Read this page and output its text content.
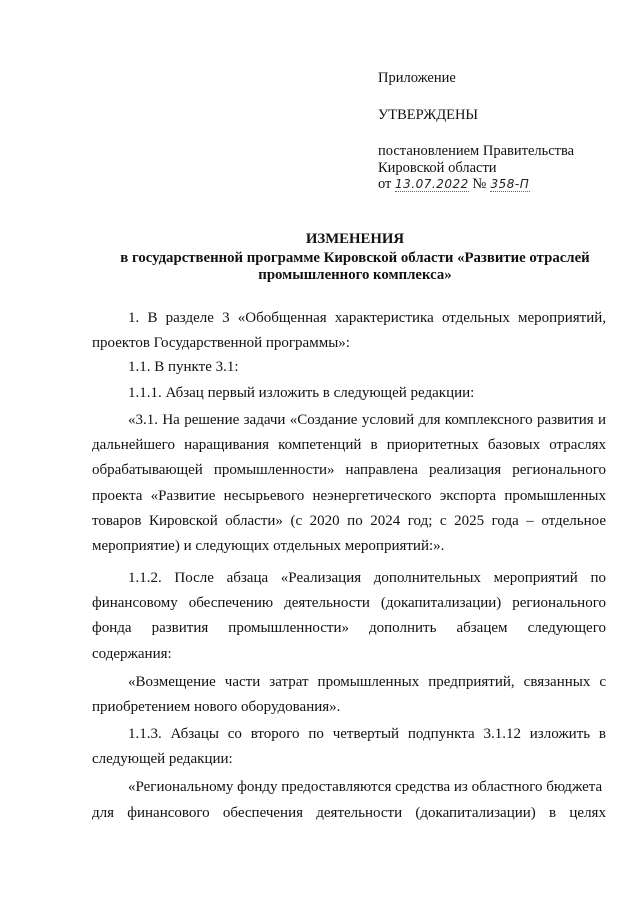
Приложение
УТВЕРЖДЕНЫ
постановлением Правительства
Кировской области
от 13.07.2022 № 358-П
ИЗМЕНЕНИЯ
в государственной программе Кировской области «Развитие отраслей
промышленного комплекса»
1. В разделе 3 «Обобщенная характеристика отдельных мероприятий, проектов Государственной программы»:
1.1. В пункте 3.1:
1.1.1. Абзац первый изложить в следующей редакции:
«3.1. На решение задачи «Создание условий для комплексного развития и дальнейшего наращивания компетенций в приоритетных базовых отраслях обрабатывающей промышленности» направлена реализация регионального проекта «Развитие несырьевого неэнергетического экспорта промышленных товаров Кировской области» (с 2020 по 2024 год; с 2025 года – отдельное мероприятие) и следующих отдельных мероприятий:».
1.1.2. После абзаца «Реализация дополнительных мероприятий по финансовому обеспечению деятельности (докапитализации) регионального фонда развития промышленности» дополнить абзацем следующего содержания:
«Возмещение части затрат промышленных предприятий, связанных с приобретением нового оборудования».
1.1.3. Абзацы со второго по четвертый подпункта 3.1.12 изложить в следующей редакции:
«Региональному фонду предоставляются средства из областного бюджета
для финансового обеспечения деятельности (докапитализации) в целях
